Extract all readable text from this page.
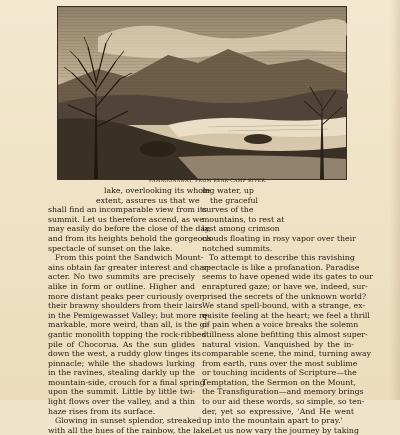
PAMAGONAWAY, FROM BEAR-CAMP RIVER.
lake, overlooking its whole
extent, assures us that we
shall find an incomparable view from its
summit. Let us therefore ascend, as we
may easily do before the close of the day,
and from its heights behold the gorgeous
spectacle of sunset on the lake.
From this point the Sandwich Mount-
ains obtain far greater interest and char-
acter. No two summits are precisely
alike in form or outline. Higher and
more distant peaks peer curiously over
their brawny shoulders from their lairs
in the Pemigewasset Valley; but more re-
markable, more weird, than all, is the gi-
gantic monolith topping the rock-ribbed
pile of Chocorua. As the sun glides
down the west, a ruddy glow tinges its
pinnacle; while the shadows lurking
in the ravines, stealing darkly up the
mountain-side, crouch for a final spring
upon the summit. Little by little twi-
light flows over the valley, and a thin
haze rises from its surface.
Glowing in sunset splendor, streaked
with all the hues of the rainbow, the lake
ing water, up
the graceful
curves of the
mountains, to rest at
last among crimson
clouds floating in rosy vapor over their
notched summits.
To attempt to describe this ravishing
spectacle is like a profanation. Paradise
seems to have opened wide its gates to our
enraptured gaze; or have we, indeed, sur-
prised the secrets of the unknown world?
We stand spell-bound, with a strange, ex-
quisite feeling at the heart; we feel a thrill
of pain when a voice breaks the solemn
stillness alone befitting this almost super-
natural vision. Vanquished by the in-
comparable scene, the mind, turning away
from earth, runs over the most sublime
or touching incidents of Scripture—the
Temptation, the Sermon on the Mount,
the Transfiguration—and memory brings
to our aid these words, so simple, so ten-
der, yet so expressive, 'And He went
up into the mountain apart to pray.'
Let us now vary the journey by taking
